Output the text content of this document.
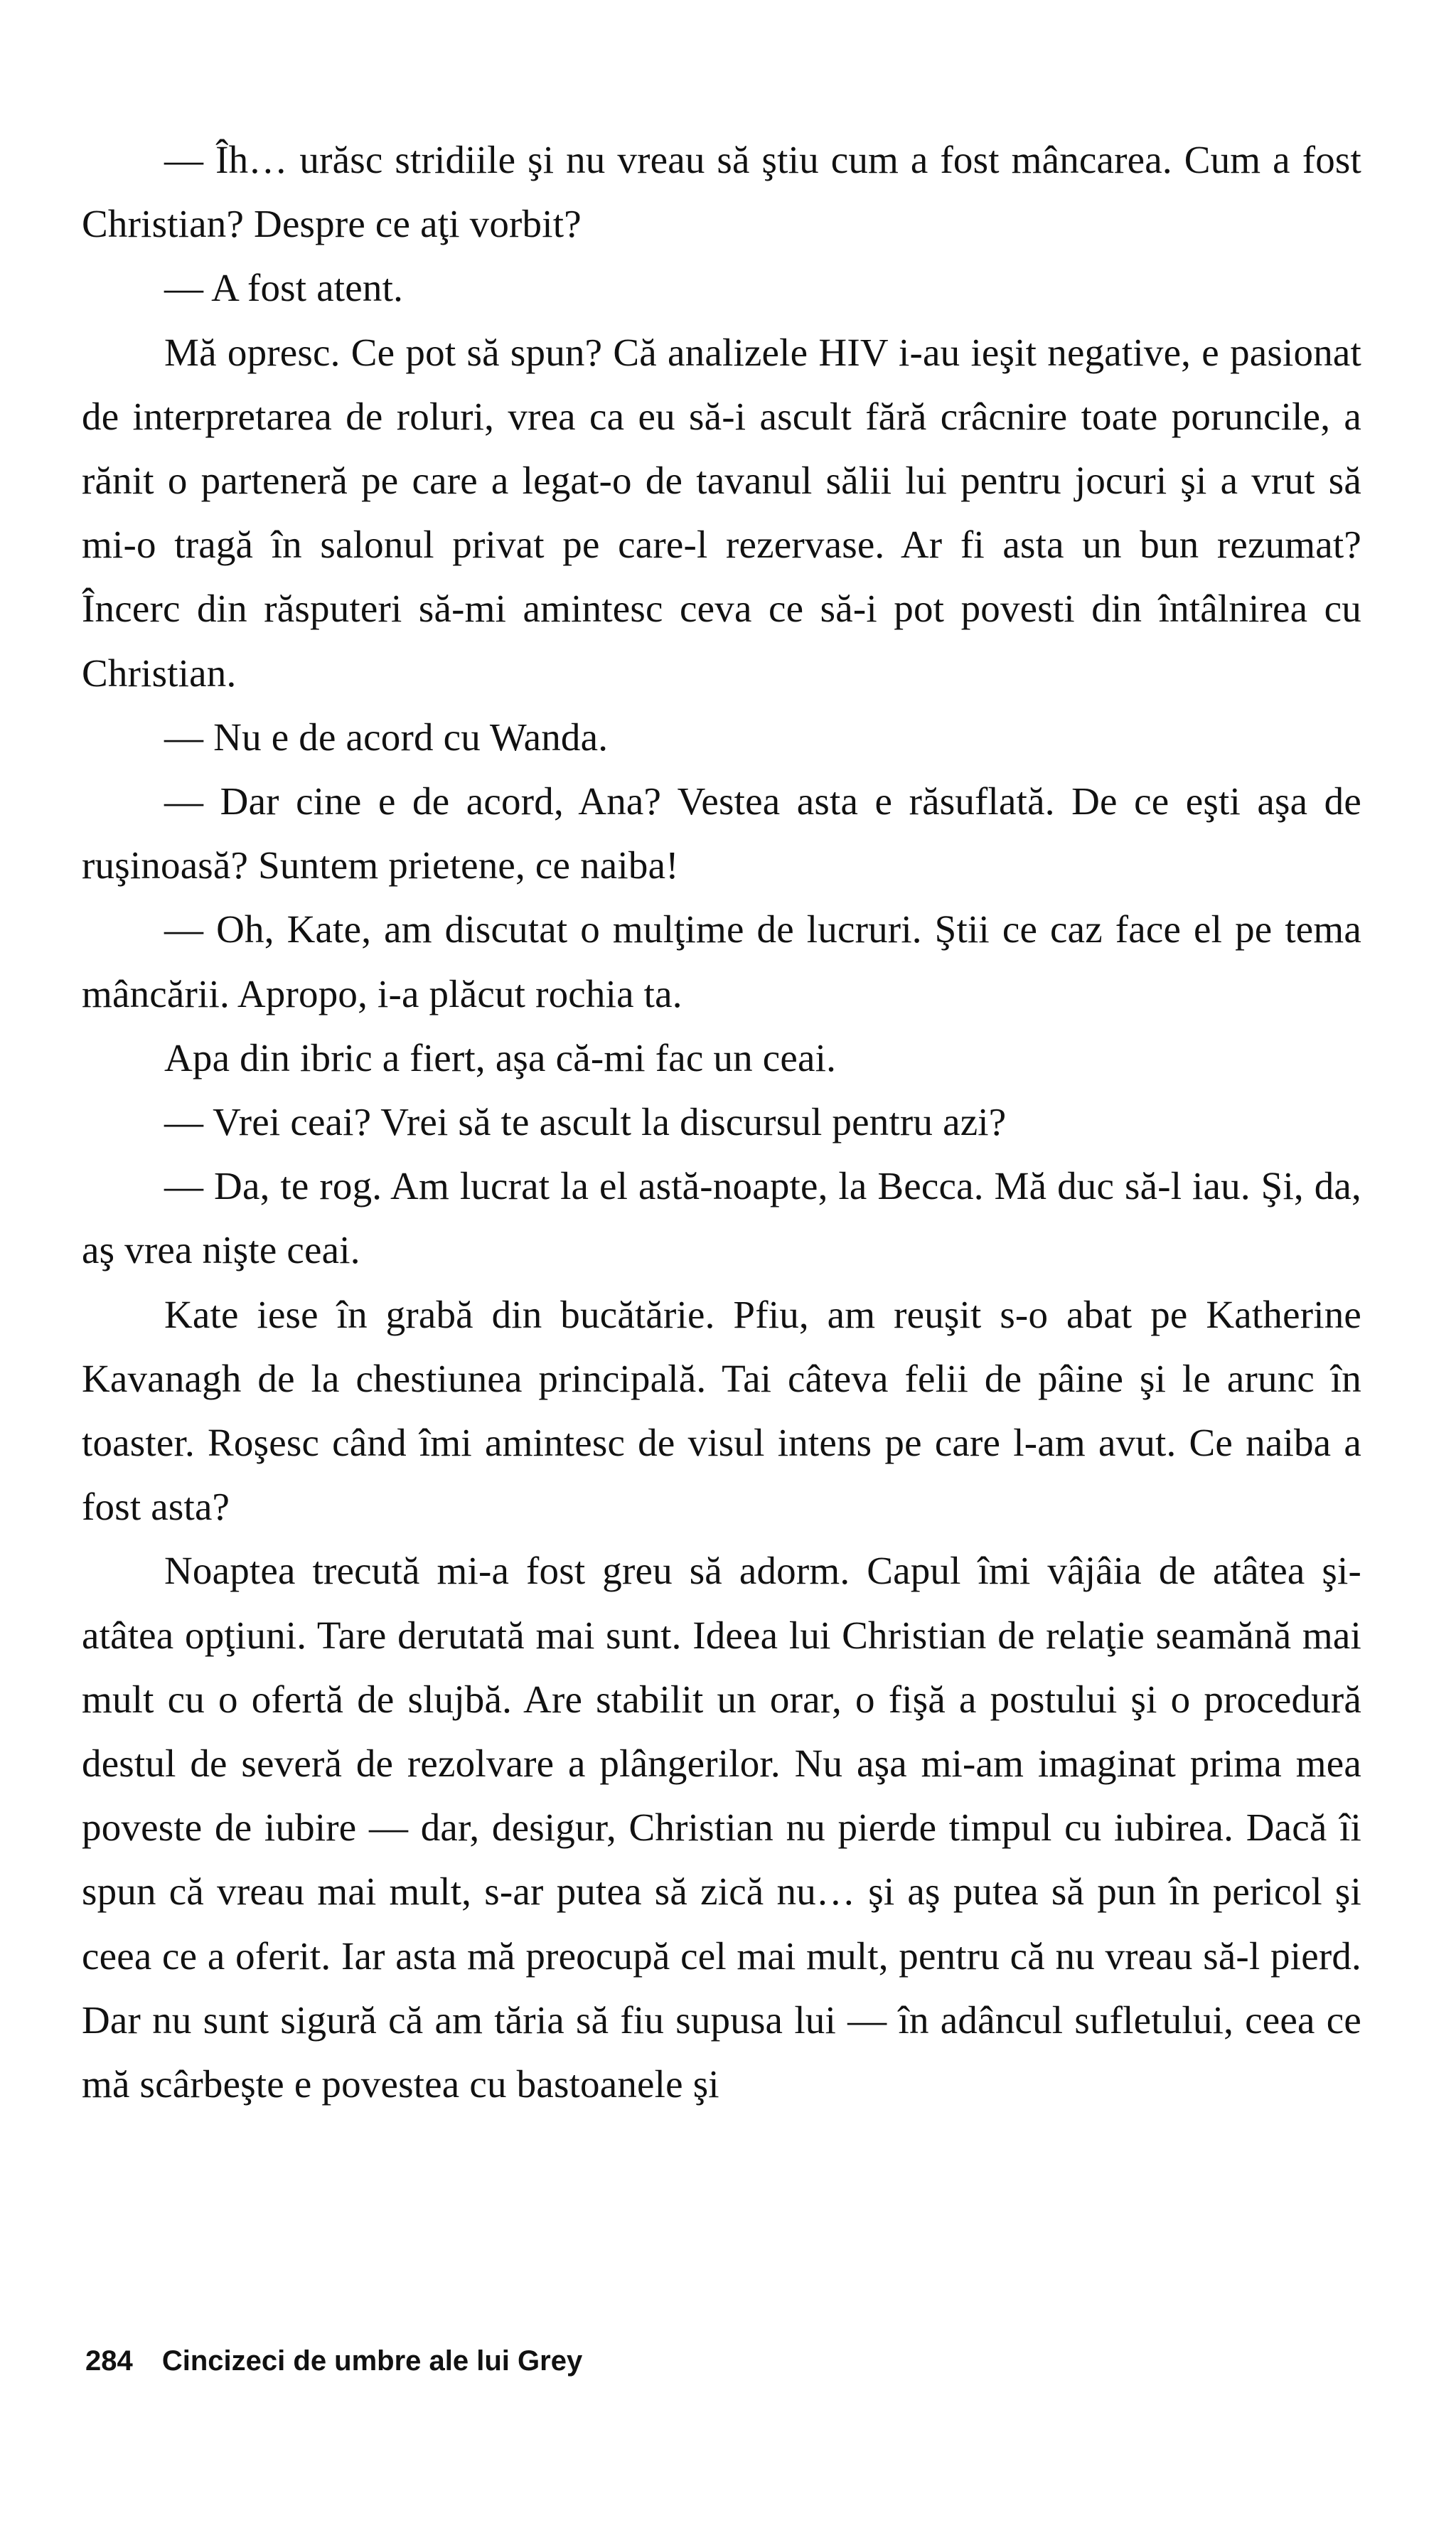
— Îh… urăsc stridiile şi nu vreau să ştiu cum a fost mâncarea. Cum a fost Christian? Despre ce aţi vorbit?

— A fost atent.

Mă opresc. Ce pot să spun? Că analizele HIV i-au ieşit negative, e pasionat de interpretarea de roluri, vrea ca eu să-i ascult fără crâcnire toate poruncile, a rănit o parteneră pe care a legat-o de tavanul sălii lui pentru jocuri şi a vrut să mi-o tragă în salonul privat pe care-l rezervase. Ar fi asta un bun rezumat? Încerc din răsputeri să-mi amintesc ceva ce să-i pot povesti din întâlnirea cu Christian.

— Nu e de acord cu Wanda.

— Dar cine e de acord, Ana? Vestea asta e răsuflată. De ce eşti aşa de ruşinoasă? Suntem prietene, ce naiba!

— Oh, Kate, am discutat o mulţime de lucruri. Ştii ce caz face el pe tema mâncării. Apropo, i-a plăcut rochia ta.

Apa din ibric a fiert, aşa că-mi fac un ceai.

— Vrei ceai? Vrei să te ascult la discursul pentru azi?

— Da, te rog. Am lucrat la el astă-noapte, la Becca. Mă duc să-l iau. Şi, da, aş vrea nişte ceai.

Kate iese în grabă din bucătărie. Pfiu, am reuşit s-o abat pe Katherine Kavanagh de la chestiunea principală. Tai câteva felii de pâine şi le arunc în toaster. Roşesc când îmi amintesc de visul intens pe care l-am avut. Ce naiba a fost asta?

Noaptea trecută mi-a fost greu să adorm. Capul îmi vâjâia de atâtea şi-atâtea opţiuni. Tare derutată mai sunt. Ideea lui Christian de relaţie seamănă mai mult cu o ofertă de slujbă. Are stabilit un orar, o fişă a postului şi o procedură destul de severă de rezolvare a plângerilor. Nu aşa mi-am imaginat prima mea poveste de iubire — dar, desigur, Christian nu pierde timpul cu iubirea. Dacă îi spun că vreau mai mult, s-ar putea să zică nu… şi aş putea să pun în pericol şi ceea ce a oferit. Iar asta mă preocupă cel mai mult, pentru că nu vreau să-l pierd. Dar nu sunt sigură că am tăria să fiu supusa lui — în adâncul sufletului, ceea ce mă scârbeşte e povestea cu bastoanele şi

284 Cincizeci de umbre ale lui Grey
